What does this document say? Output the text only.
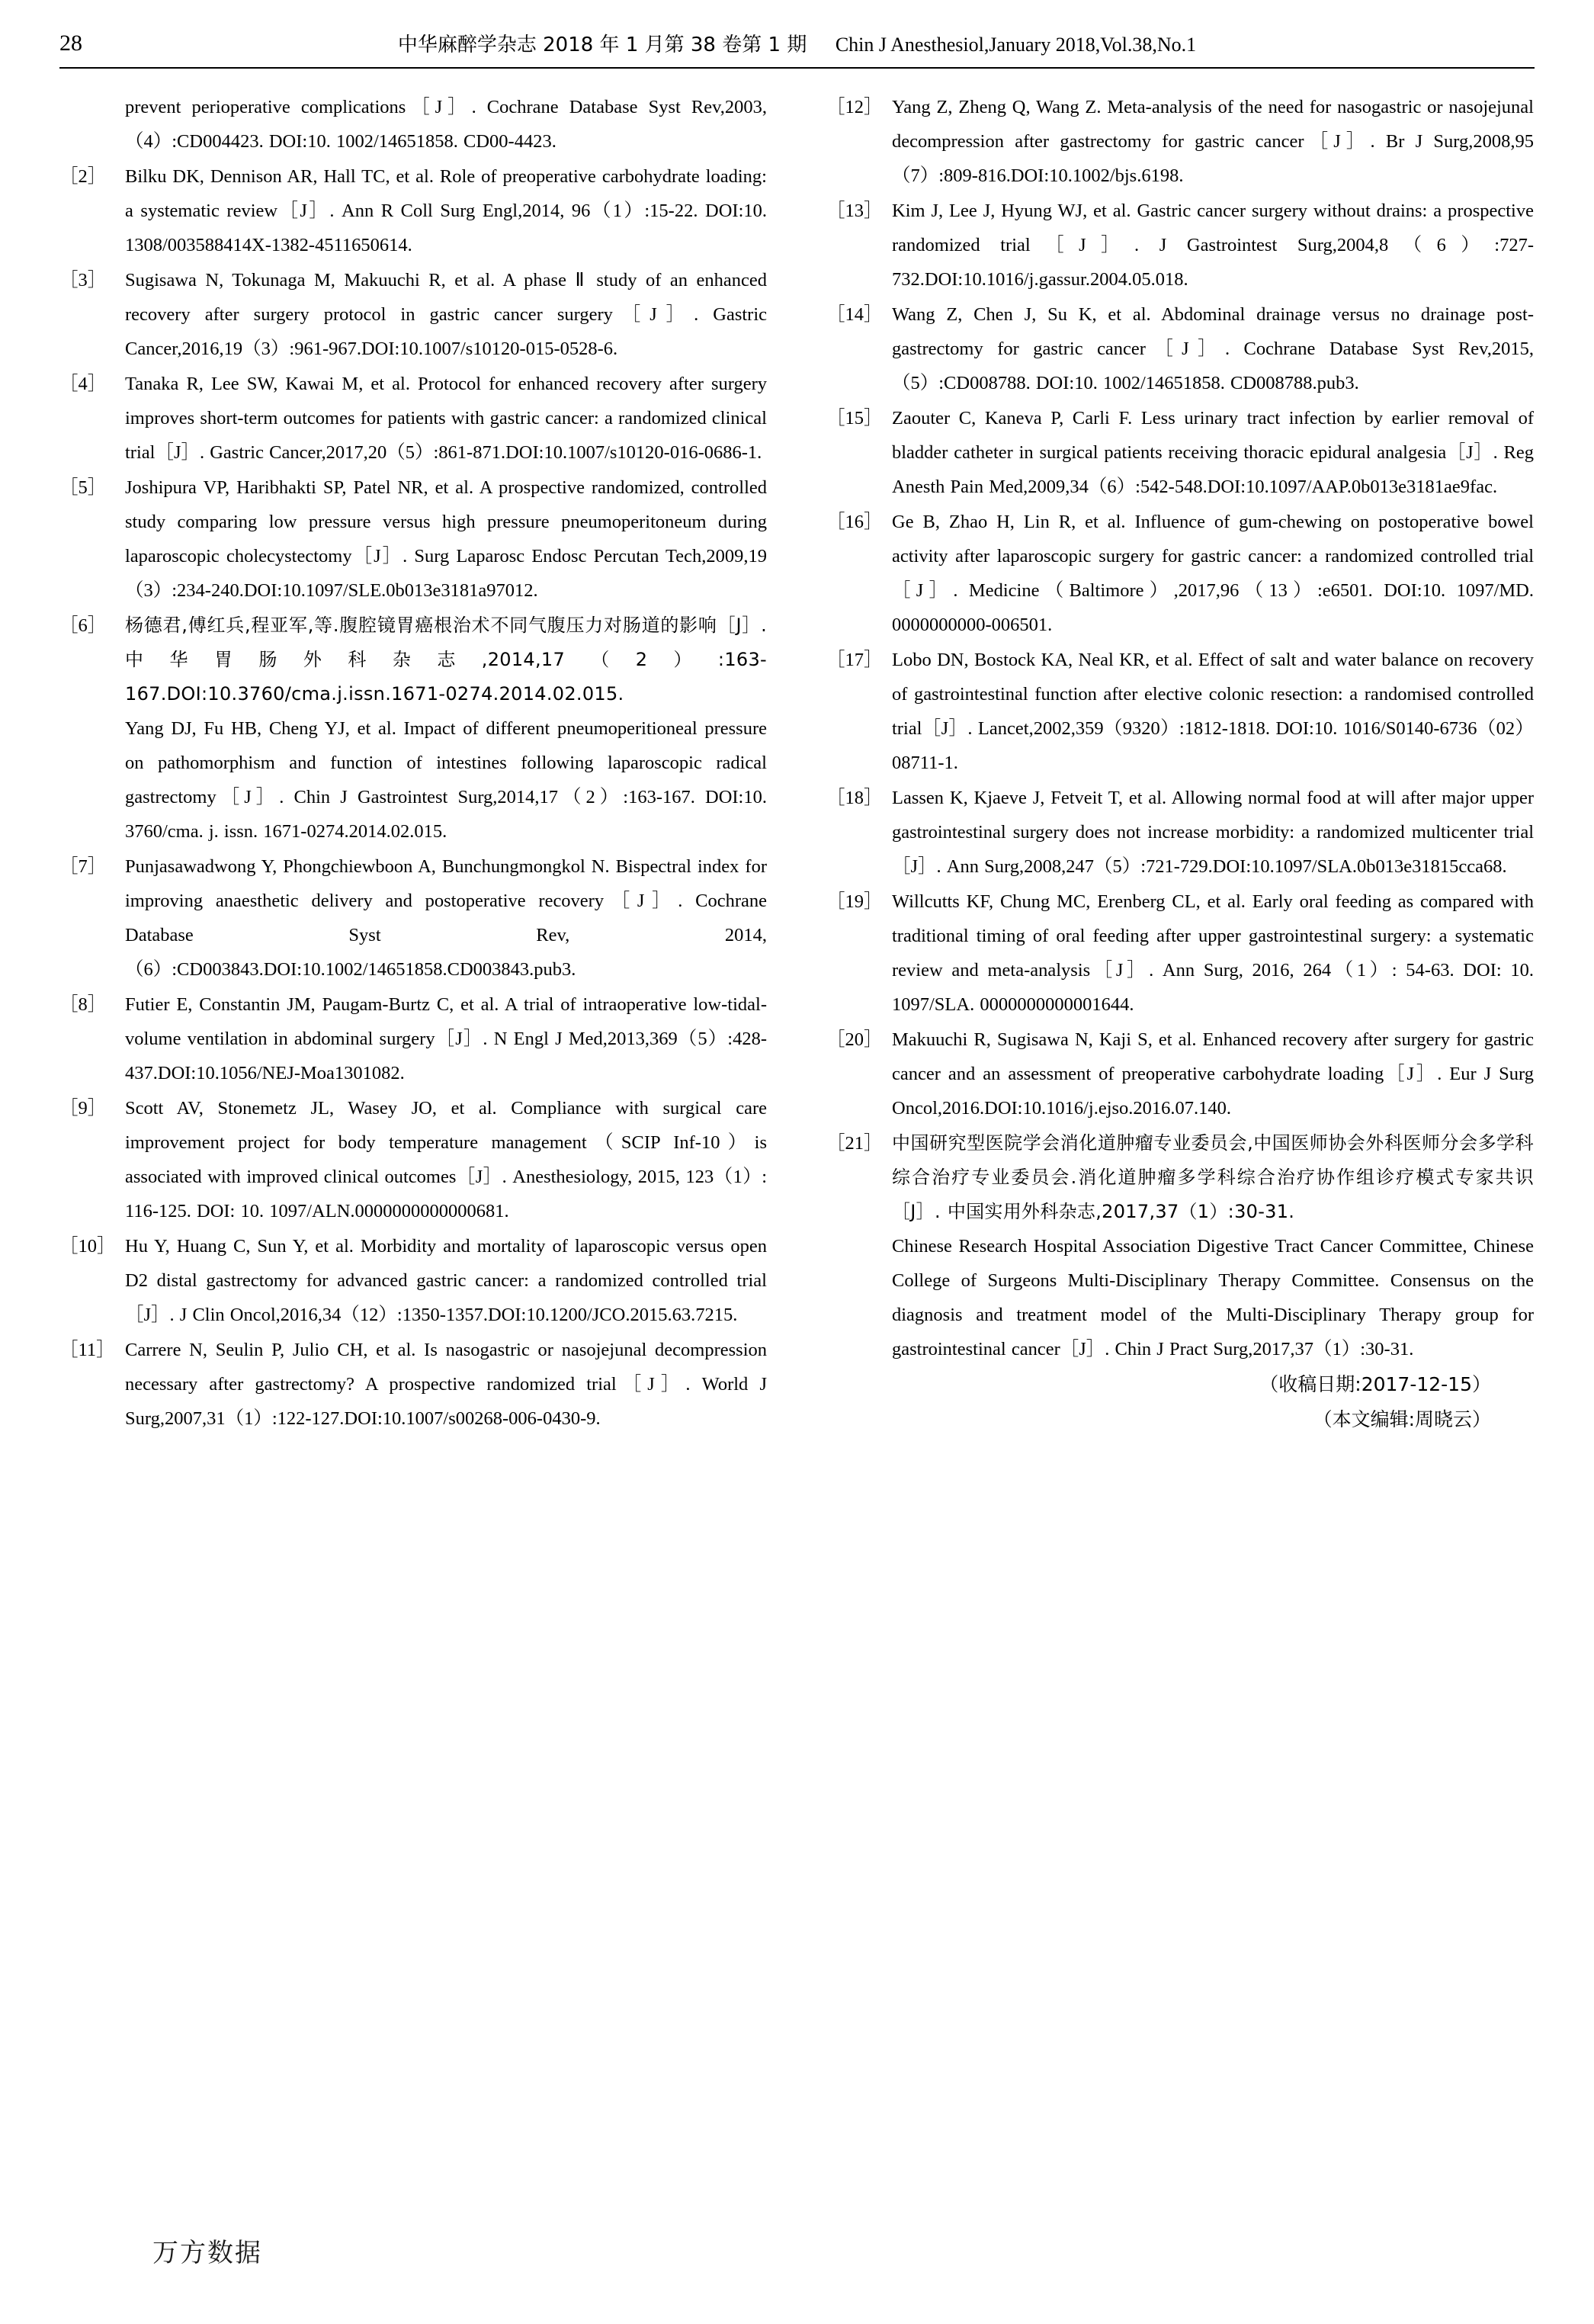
28	中华麻醉学杂志 2018 年 1 月第 38 卷第 1 期 Chin J Anesthesiol,January 2018,Vol.38,No.1
prevent perioperative complications［J］. Cochrane Database Syst Rev,2003,（4）:CD004423. DOI:10. 1002/14651858. CD00-4423.
［2］	Bilku DK, Dennison AR, Hall TC, et al. Role of preoperative carbohydrate loading: a systematic review［J］. Ann R Coll Surg Engl,2014, 96（1）:15-22. DOI:10. 1308/003588414X-1382-4511650614.
［3］	Sugisawa N, Tokunaga M, Makuuchi R, et al. A phase Ⅱ study of an enhanced recovery after surgery protocol in gastric cancer surgery［J］. Gastric Cancer,2016,19（3）:961-967.DOI:10.1007/s10120-015-0528-6.
［4］	Tanaka R, Lee SW, Kawai M, et al. Protocol for enhanced recovery after surgery improves short-term outcomes for patients with gastric cancer: a randomized clinical trial［J］. Gastric Cancer,2017,20（5）:861-871.DOI:10.1007/s10120-016-0686-1.
［5］	Joshipura VP, Haribhakti SP, Patel NR, et al. A prospective randomized, controlled study comparing low pressure versus high pressure pneumoperitoneum during laparoscopic cholecystectomy［J］. Surg Laparosc Endosc Percutan Tech,2009,19（3）:234-240.DOI:10.1097/SLE.0b013e3181a97012.
［6］	杨德君,傅红兵,程亚军,等.腹腔镜胃癌根治术不同气腹压力对肠道的影响［J］. 中华胃肠外科杂志,2014,17（2）:163-167.DOI:10.3760/cma.j.issn.1671-0274.2014.02.015.
Yang DJ, Fu HB, Cheng YJ, et al. Impact of different pneumoperitioneal pressure on pathomorphism and function of intestines following laparoscopic radical gastrectomy［J］. Chin J Gastrointest Surg,2014,17（2）:163-167. DOI:10. 3760/cma. j. issn. 1671-0274.2014.02.015.
［7］	Punjasawadwong Y, Phongchiewboon A, Bunchungmongkol N. Bispectral index for improving anaesthetic delivery and postoperative recovery［J］. Cochrane Database Syst Rev, 2014,（6）:CD003843.DOI:10.1002/14651858.CD003843.pub3.
［8］	Futier E, Constantin JM, Paugam-Burtz C, et al. A trial of intraoperative low-tidal-volume ventilation in abdominal surgery［J］. N Engl J Med,2013,369（5）:428-437.DOI:10.1056/NEJ-Moa1301082.
［9］	Scott AV, Stonemetz JL, Wasey JO, et al. Compliance with surgical care improvement project for body temperature management（SCIP Inf-10）is associated with improved clinical outcomes［J］. Anesthesiology, 2015, 123（1）: 116-125. DOI: 10. 1097/ALN.0000000000000681.
［10］ Hu Y, Huang C, Sun Y, et al. Morbidity and mortality of laparoscopic versus open D2 distal gastrectomy for advanced gastric cancer: a randomized controlled trial［J］. J Clin Oncol,2016,34（12）:1350-1357.DOI:10.1200/JCO.2015.63.7215.
［11］ Carrere N, Seulin P, Julio CH, et al. Is nasogastric or nasojejunal decompression necessary after gastrectomy? A prospective randomized trial［J］. World J Surg,2007,31（1）:122-127.DOI:10.1007/s00268-006-0430-9.
［12］ Yang Z, Zheng Q, Wang Z. Meta-analysis of the need for nasogastric or nasojejunal decompression after gastrectomy for gastric cancer［J］. Br J Surg,2008,95（7）:809-816.DOI:10.1002/bjs.6198.
［13］ Kim J, Lee J, Hyung WJ, et al. Gastric cancer surgery without drains: a prospective randomized trial［J］. J Gastrointest Surg,2004,8（6）:727-732.DOI:10.1016/j.gassur.2004.05.018.
［14］ Wang Z, Chen J, Su K, et al. Abdominal drainage versus no drainage post-gastrectomy for gastric cancer［J］. Cochrane Database Syst Rev,2015,（5）:CD008788. DOI:10. 1002/14651858. CD008788.pub3.
［15］ Zaouter C, Kaneva P, Carli F. Less urinary tract infection by earlier removal of bladder catheter in surgical patients receiving thoracic epidural analgesia［J］. Reg Anesth Pain Med,2009,34（6）:542-548.DOI:10.1097/AAP.0b013e3181ae9fac.
［16］ Ge B, Zhao H, Lin R, et al. Influence of gum-chewing on postoperative bowel activity after laparoscopic surgery for gastric cancer: a randomized controlled trial［J］. Medicine（Baltimore）,2017,96（13）:e6501. DOI:10. 1097/MD. 0000000000-006501.
［17］ Lobo DN, Bostock KA, Neal KR, et al. Effect of salt and water balance on recovery of gastrointestinal function after elective colonic resection: a randomised controlled trial［J］. Lancet,2002,359（9320）:1812-1818. DOI:10. 1016/S0140-6736（02）08711-1.
［18］ Lassen K, Kjaeve J, Fetveit T, et al. Allowing normal food at will after major upper gastrointestinal surgery does not increase morbidity: a randomized multicenter trial［J］. Ann Surg,2008,247（5）:721-729.DOI:10.1097/SLA.0b013e31815cca68.
［19］ Willcutts KF, Chung MC, Erenberg CL, et al. Early oral feeding as compared with traditional timing of oral feeding after upper gastrointestinal surgery: a systematic review and meta-analysis［J］. Ann Surg, 2016, 264（1）: 54-63. DOI: 10. 1097/SLA. 0000000000001644.
［20］ Makuuchi R, Sugisawa N, Kaji S, et al. Enhanced recovery after surgery for gastric cancer and an assessment of preoperative carbohydrate loading［J］. Eur J Surg Oncol,2016.DOI:10.1016/j.ejso.2016.07.140.
［21］ 中国研究型医院学会消化道肿瘤专业委员会,中国医师协会外科医师分会多学科综合治疗专业委员会.消化道肿瘤多学科综合治疗协作组诊疗模式专家共识［J］. 中国实用外科杂志,2017,37（1）:30-31.
Chinese Research Hospital Association Digestive Tract Cancer Committee, Chinese College of Surgeons Multi-Disciplinary Therapy Committee. Consensus on the diagnosis and treatment model of the Multi-Disciplinary Therapy group for gastrointestinal cancer［J］. Chin J Pract Surg,2017,37（1）:30-31.
（收稿日期:2017-12-15）
（本文编辑:周晓云）
万方数据
